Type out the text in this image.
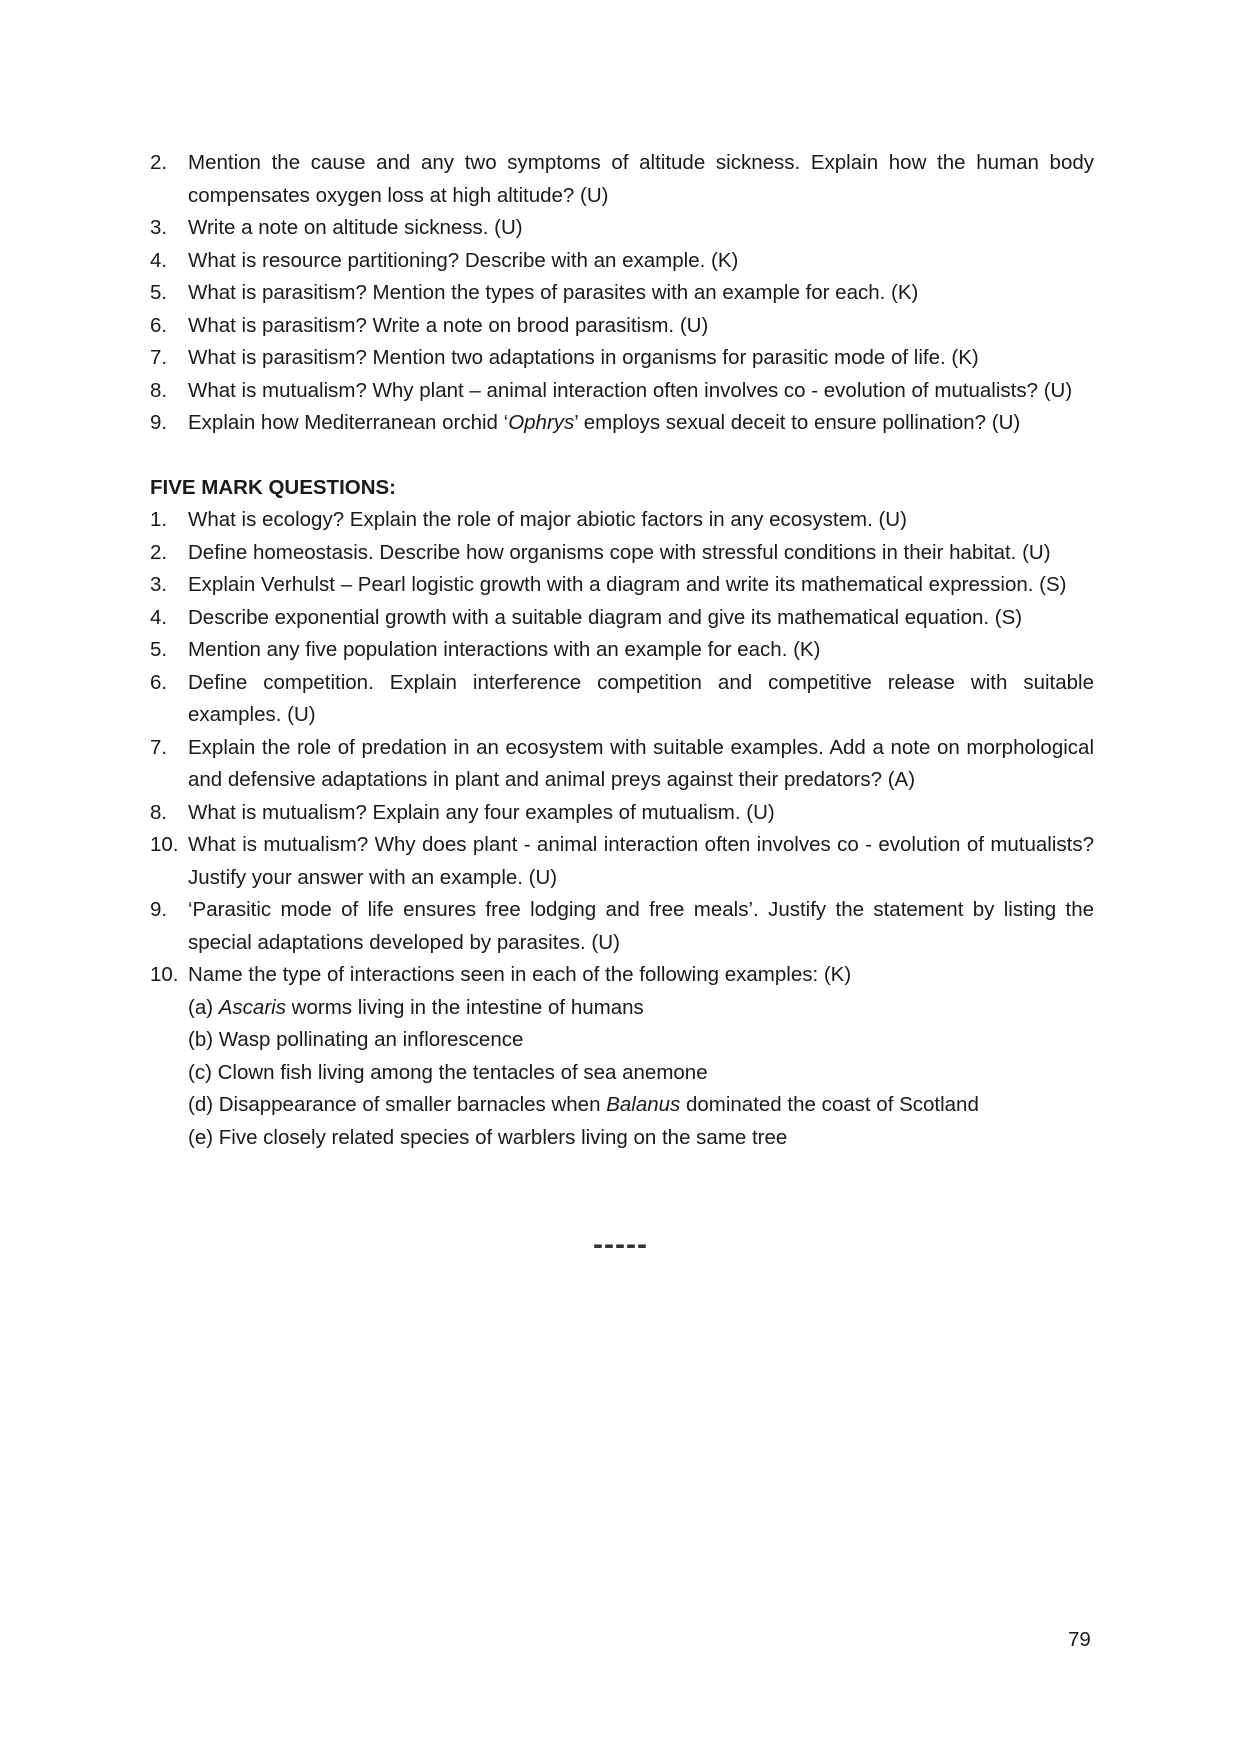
2.	Mention the cause and any two symptoms of altitude sickness. Explain how the human body compensates oxygen loss at high altitude? (U)
3.	Write a note on altitude sickness. (U)
4.	What is resource partitioning? Describe with an example. (K)
5.	What is parasitism? Mention the types of parasites with an example for each. (K)
6.	What is parasitism? Write a note on brood parasitism. (U)
7.	What is parasitism? Mention two adaptations in organisms for parasitic mode of life. (K)
8.	What is mutualism? Why plant – animal interaction often involves co - evolution of mutualists? (U)
9.	Explain how Mediterranean orchid ‘Ophrys’ employs sexual deceit to ensure pollination? (U)
FIVE MARK QUESTIONS:
1.	What is ecology? Explain the role of major abiotic factors in any ecosystem. (U)
2.	Define homeostasis. Describe how organisms cope with stressful conditions in their habitat. (U)
3.	Explain Verhulst – Pearl logistic growth with a diagram and write its mathematical expression. (S)
4.	Describe exponential growth with a suitable diagram and give its mathematical equation. (S)
5.	Mention any five population interactions with an example for each. (K)
6.	Define competition. Explain interference competition and competitive release with suitable examples. (U)
7.	Explain the role of predation in an ecosystem with suitable examples. Add a note on morphological and defensive adaptations in plant and animal preys against their predators? (A)
8.	What is mutualism? Explain any four examples of mutualism. (U)
10. What is mutualism? Why does plant - animal interaction often involves co - evolution of mutualists? Justify your answer with an example. (U)
9.	‘Parasitic mode of life ensures free lodging and free meals’. Justify the statement by listing the special adaptations developed by parasites. (U)
10. Name the type of interactions seen in each of the following examples: (K)
(a) Ascaris worms living in the intestine of humans
(b) Wasp pollinating an inflorescence
(c) Clown fish living among the tentacles of sea anemone
(d) Disappearance of smaller barnacles when Balanus dominated the coast of Scotland
(e) Five closely related species of warblers living on the same tree
-----
79
